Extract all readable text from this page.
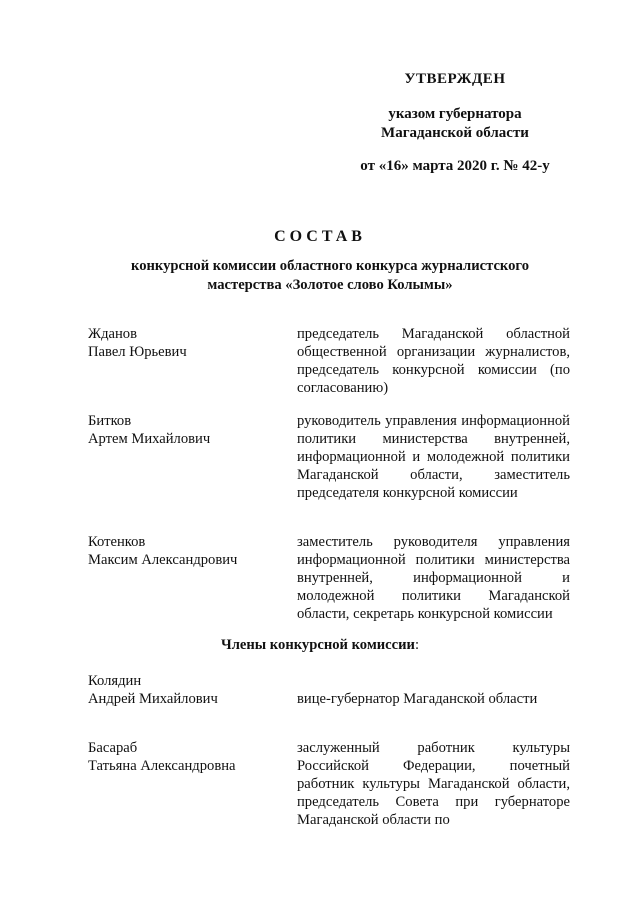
УТВЕРЖДЕН
указом губернатора
Магаданской области
от «16» марта 2020 г. № 42-у
СОСТАВ
конкурсной комиссии областного конкурса журналистского
мастерства «Золотое слово Колымы»
Жданов
Павел Юрьевич
председатель Магаданской областной общественной организации журналистов, председатель конкурсной комиссии (по согласованию)
Битков
Артем Михайлович
руководитель управления информационной политики министерства внутренней, информационной и молодежной политики Магаданской области, заместитель председателя конкурсной комиссии
Котенков
Максим Александрович
заместитель руководителя управления информационной политики министерства внутренней, информационной и молодежной политики Магаданской области, секретарь конкурсной комиссии
Члены конкурсной комиссии:
Колядин
Андрей Михайлович	вице-губернатор Магаданской области
Басараб
Татьяна Александровна
заслуженный работник культуры Российской Федерации, почетный работник культуры Магаданской области, председатель Совета при губернаторе Магаданской области по
